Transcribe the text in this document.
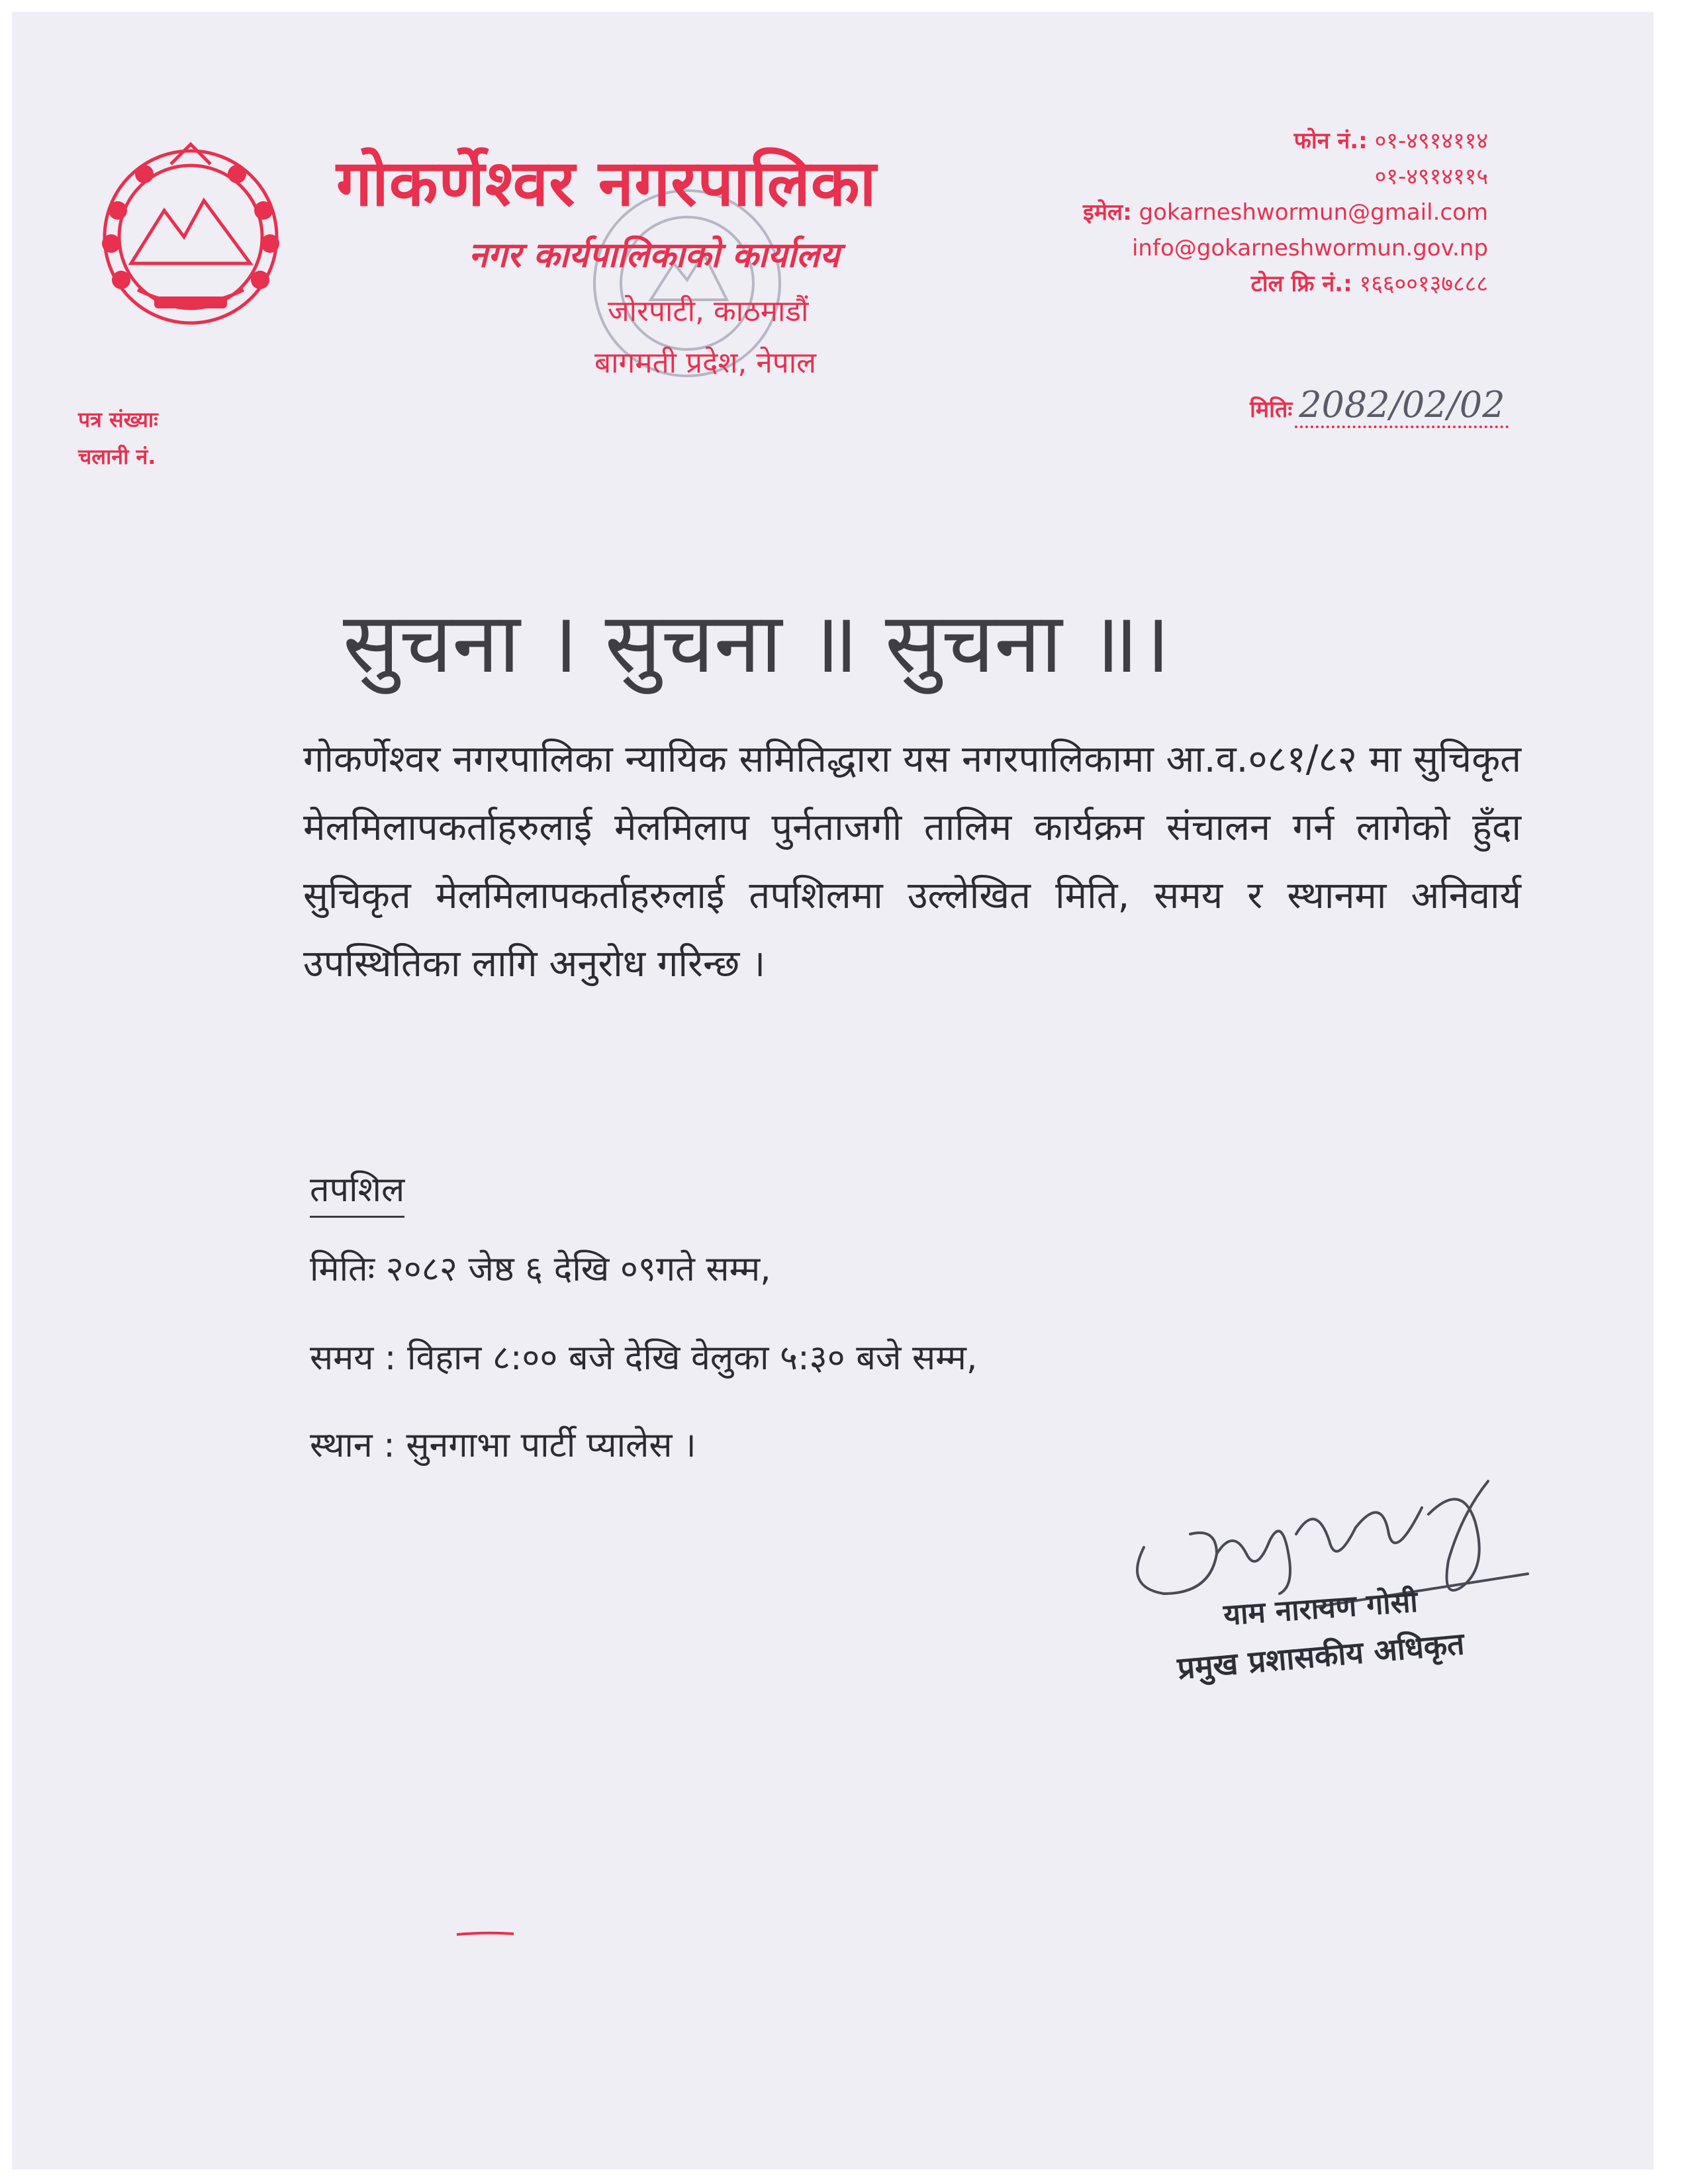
गोकर्णेश्वर नगरपालिका
नगर कार्यपालिकाको कार्यालय
जोरपाटी, काठमाडौं
बागमती प्रदेश, नेपाल
फोन नं.: ०१-४९१४११४
०१-४९१४११५
इमेल: gokarneshwormun@gmail.com
info@gokarneshwormun.gov.np
टोल फ्रि नं.: १६६००१३७८८८
पत्र संख्याः
चलानी नं.
मितिः 2082/02/02
सुचना । सुचना ॥ सुचना ॥।
गोकर्णेश्वर नगरपालिका न्यायिक समितिद्धारा यस नगरपालिकामा आ.व.०८१/८२ मा सुचिकृत मेलमिलापकर्ताहरुलाई मेलमिलाप पुर्नताजगी तालिम कार्यक्रम संचालन गर्न लागेको हुँदा सुचिकृत मेलमिलापकर्ताहरुलाई तपशिलमा उल्लेखित मिति, समय र स्थानमा अनिवार्य उपस्थितिका लागि अनुरोध गरिन्छ ।
तपशिल
मितिः २०८२ जेष्ठ ६ देखि ०९गते सम्म,
समय : विहान ८:०० बजे देखि वेलुका ५:३० बजे सम्म,
स्थान : सुनगाभा पार्टी प्यालेस ।
याम नारायण गोसी
प्रमुख प्रशासकीय अधिकृत
